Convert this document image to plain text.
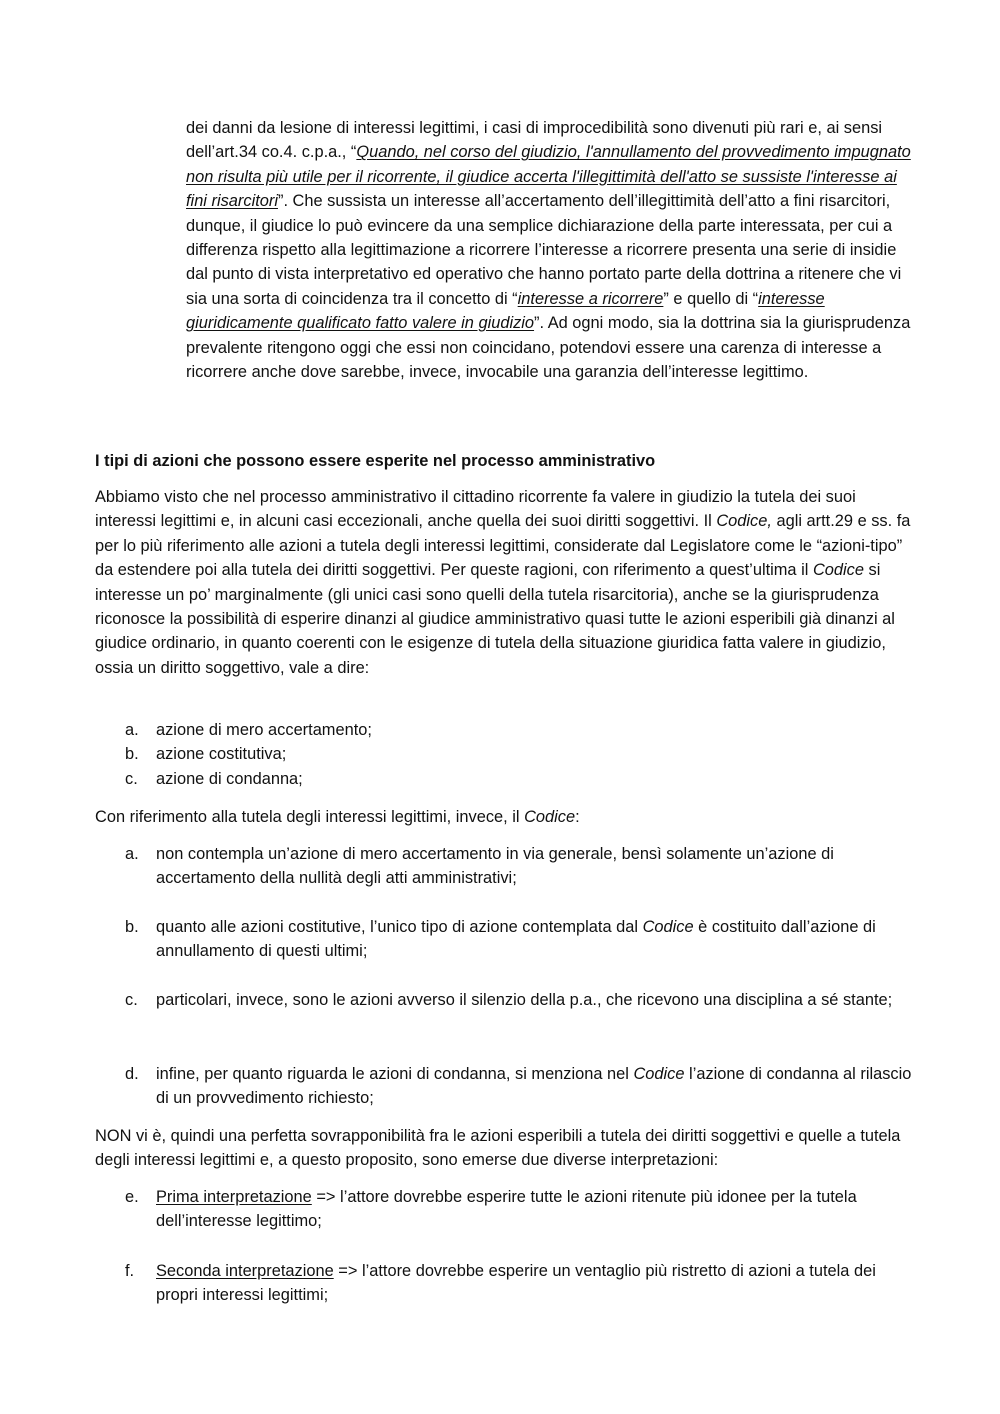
dei danni da lesione di interessi legittimi, i casi di improcedibilità sono divenuti più rari e, ai sensi dell’art.34 co.4. c.p.a., “Quando, nel corso del giudizio, l'annullamento del provvedimento impugnato non risulta più utile per il ricorrente, il giudice accerta l'illegittimità dell'atto se sussiste l'interesse ai fini risarcitori”. Che sussista un interesse all’accertamento dell’illegittimità dell’atto a fini risarcitori, dunque, il giudice lo può evincere da una semplice dichiarazione della parte interessata, per cui a differenza rispetto alla legittimazione a ricorrere l’interesse a ricorrere presenta una serie di insidie dal punto di vista interpretativo ed operativo che hanno portato parte della dottrina a ritenere che vi sia una sorta di coincidenza tra il concetto di “interesse a ricorrere” e quello di “interesse giuridicamente qualificato fatto valere in giudizio”. Ad ogni modo, sia la dottrina sia la giurisprudenza prevalente ritengono oggi che essi non coincidano, potendovi essere una carenza di interesse a ricorrere anche dove sarebbe, invece, invocabile una garanzia dell’interesse legittimo.

I tipi di azioni che possono essere esperite nel processo amministrativo

Abbiamo visto che nel processo amministrativo il cittadino ricorrente fa valere in giudizio la tutela dei suoi interessi legittimi e, in alcuni casi eccezionali, anche quella dei suoi diritti soggettivi. Il Codice, agli artt.29 e ss. fa per lo più riferimento alle azioni a tutela degli interessi legittimi, considerate dal Legislatore come le “azioni-tipo” da estendere poi alla tutela dei diritti soggettivi. Per queste ragioni, con riferimento a quest’ultima il Codice si interesse un po’ marginalmente (gli unici casi sono quelli della tutela risarcitoria), anche se la giurisprudenza riconosce la possibilità di esperire dinanzi al giudice amministrativo quasi tutte le azioni esperibili già dinanzi al giudice ordinario, in quanto coerenti con le esigenze di tutela della situazione giuridica fatta valere in giudizio, ossia un diritto soggettivo, vale a dire:

a. azione di mero accertamento;
b. azione costitutiva;
c. azione di condanna;

Con riferimento alla tutela degli interessi legittimi, invece, il Codice:

a. non contempla un’azione di mero accertamento in via generale, bensì solamente un’azione di accertamento della nullità degli atti amministrativi;
b. quanto alle azioni costitutive, l’unico tipo di azione contemplata dal Codice è costituito dall’azione di annullamento di questi ultimi;
c. particolari, invece, sono le azioni avverso il silenzio della p.a., che ricevono una disciplina a sé stante;
d. infine, per quanto riguarda le azioni di condanna, si menziona nel Codice l’azione di condanna al rilascio di un provvedimento richiesto;

NON vi è, quindi una perfetta sovrapponibilità fra le azioni esperibili a tutela dei diritti soggettivi e quelle a tutela degli interessi legittimi e, a questo proposito, sono emerse due diverse interpretazioni:

e. Prima interpretazione => l’attore dovrebbe esperire tutte le azioni ritenute più idonee per la tutela dell’interesse legittimo;
f. Seconda interpretazione => l’attore dovrebbe esperire un ventaglio più ristretto di azioni a tutela dei propri interessi legittimi;
